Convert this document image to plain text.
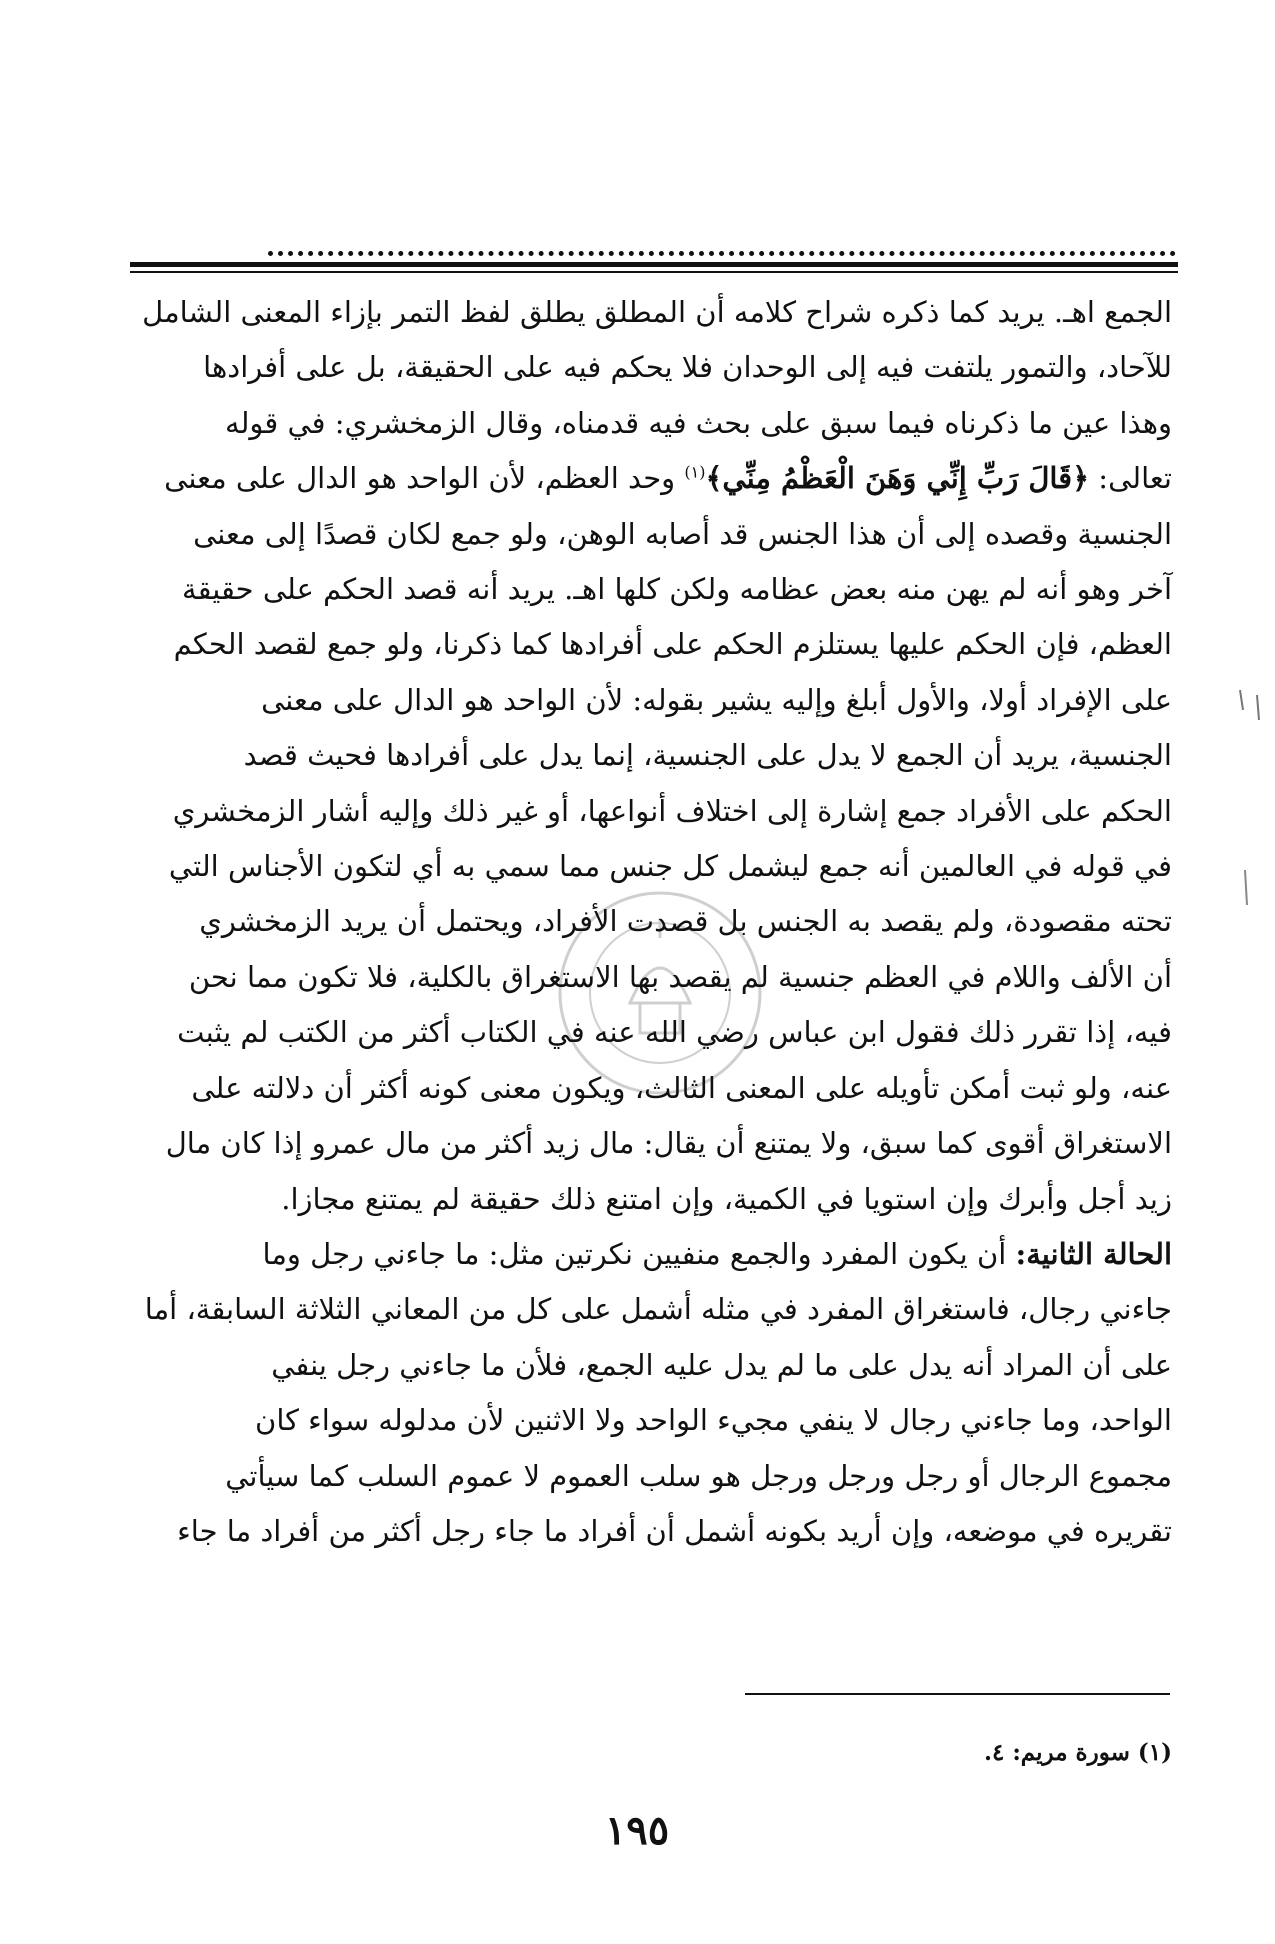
الجمع اهـ. يريد كما ذكره شراح كلامه أن المطلق يطلق لفظ التمر بإزاء المعنى الشامل

للآحاد، والتمور يلتفت فيه إلى الوحدان فلا يحكم فيه على الحقيقة، بل على أفرادها

وهذا عين ما ذكرناه فيما سبق على بحث فيه قدمناه، وقال الزمخشري: في قوله

تعالى: ﴿قَالَ رَبِّ إِنِّي وَهَنَ الْعَظْمُ مِنِّي﴾$^{(١)}$ وحد العظم، لأن الواحد هو الدال على معنى

الجنسية وقصده إلى أن هذا الجنس قد أصابه الوهن، ولو جمع لكان قصدًا إلى معنى

آخر وهو أنه لم يهن منه بعض عظامه ولكن كلها اهـ. يريد أنه قصد الحكم على حقيقة

العظم، فإن الحكم عليها يستلزم الحكم على أفرادها كما ذكرنا، ولو جمع لقصد الحكم

على الإفراد أولا، والأول أبلغ وإليه يشير بقوله: لأن الواحد هو الدال على معنى

الجنسية، يريد أن الجمع لا يدل على الجنسية، إنما يدل على أفرادها فحيث قصد

الحكم على الأفراد جمع إشارة إلى اختلاف أنواعها، أو غير ذلك وإليه أشار الزمخشري

في قوله في العالمين أنه جمع ليشمل كل جنس مما سمي به أي لتكون الأجناس التي

تحته مقصودة، ولم يقصد به الجنس بل قصدت الأفراد، ويحتمل أن يريد الزمخشري

أن الألف واللام في العظم جنسية لم يقصد بها الاستغراق بالكلية، فلا تكون مما نحن

فيه، إذا تقرر ذلك فقول ابن عباس رضي الله عنه في الكتاب أكثر من الكتب لم يثبت

عنه، ولو ثبت أمكن تأويله على المعنى الثالث، ويكون معنى كونه أكثر أن دلالته على

الاستغراق أقوى كما سبق، ولا يمتنع أن يقال: مال زيد أكثر من مال عمرو إذا كان مال

زيد أجل وأبرك وإن استويا في الكمية، وإن امتنع ذلك حقيقة لم يمتنع مجازا.

الحالة الثانية: أن يكون المفرد والجمع منفيين نكرتين مثل: ما جاءني رجل وما

جاءني رجال، فاستغراق المفرد في مثله أشمل على كل من المعاني الثلاثة السابقة، أما

على أن المراد أنه يدل على ما لم يدل عليه الجمع، فلأن ما جاءني رجل ينفي

الواحد، وما جاءني رجال لا ينفي مجيء الواحد ولا الاثنين لأن مدلوله سواء كان

مجموع الرجال أو رجل ورجل ورجل هو سلب العموم لا عموم السلب كما سيأتي

تقريره في موضعه، وإن أريد بكونه أشمل أن أفراد ما جاء رجل أكثر من أفراد ما جاء

(١) سورة مريم: ٤.
١٩٥
